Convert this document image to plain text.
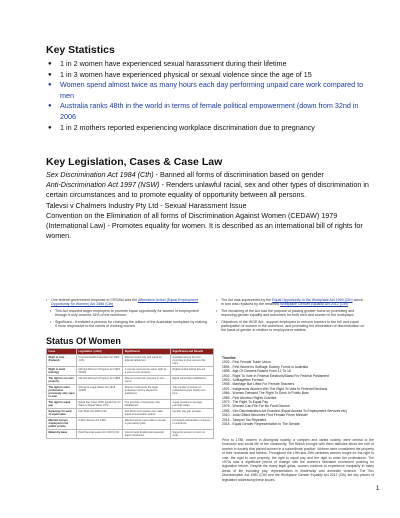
Key Statistics
● 1 in 2 women have experienced sexual harassment during their lifetime
● 1 in 3 women have experienced physical or sexual violence since the age of 15
● Women spend almost twice as many hours each day performing unpaid care work compared to men
● Australia ranks 48th in the world in terms of female political empowerment (down from 32nd in 2006
● 1 in 2 mothers reported experiencing workplace discrimination due to pregnancy
Key Legislation, Cases & Case Law

Sex Discrimination Act 1984 (Cth) - Banned all forms of discrimination based on gender

Anti-Discrimination Act 1997 (NSW) - Renders unlawful racial, sex and other types of discrimination in certain circumstances and to promote equality of opportunity between all persons.

Talevsi v Chalmers Industry Pty Ltd - Sexual Harassment Issue

Convention on the Elimination of all forms of Discrimination Against Women (CEDAW) 1979 (International Law) - Promotes equality for women. It is described as an international bill of rights for women.

• One federal government response to CEDAW was the Affirmative Action (Equal Employment Opportunity for Women) Act 1986 (Cth)

• This Act required larger employers to promote equal opportunity for women in employment through it only covered 15% of the workforce.

• Significant - it enabled a process for changing the culture of the Australian workplace by making it more responsive to the needs of working women.

• The Act was superseded by the Equal Opportunity in the Workplace Act 1999 (Cth) which in turn was replaced by the renamed Workplace Gender Equality Act 2012 (Cth)

• The remaining of the Act had the purpose of placing greater focus on promoting and improving gender equality and outcomes for both men and women in the workplace.

• Objectives of the WGE Act - support employers to remove barriers to the full and equal participation of women in the workforce, and promoting the elimination of discrimination on the basis of gender in relation to employment matters.

Status Of Women
Issue	Legislation / policy	Significance	Significance and Results
Right to vote (Federal)	Commonwealth Franchise Act 1902 (Cth)	Women could vote and stand for federal parliament.	Australia among the first countries to give women this right.
Right to work (mining)	Married Women's Property Act 1901 (NSW)	A woman now has the same right as a man to own property.	Rights limited before this act.
The right to run own property	Married Women's Property Act 1893	Women could own property in own name.	Equal ownership established.
The right to enter professions previously only open to men	Women's Legal Status Act 1918 (NSW)	Women could enter the legal profession and be elected to parliament.	The number of women in professions grew slowly over time.
The right to equal pay	Equal Pay Case 1969; Equal Pay for Work of Equal Value 1972	The principle of equal pay was established.	A gap remains in average earnings today.
Equal pay for work of equal value	Fair Work Act 2009 (Cth)	Fair Work Commission can make equal remuneration orders.	Gender pay gap persists.
Married women employed in the public service	Public Service Act 1966	Married women were able to remain in permanent jobs.	Increased participation of women in workforce.
Maternity leave	Paid Parental Leave Act 2010 (Cth)	Government-funded paid parental leave introduced.	Supports women to return to work.
Timeline
1902 - First Female Trade Union
1894 - First Women's Suffrage Society Forms in Australia
1895 - Age Of Consent Raised From 12 To 16
1902 - Right To Vote In Federal Elections/Stand For Federal Parliament
1903 - Suffragettes Formed
1908 - Marriage Bar Lifted For Female Teachers
1921 - Indigenous Women Win The Right To Vote In Federal Elections
1966 - Women Demand The Right To Drink In Public Bars
1969 - First Abortion Rights Granted
1972 - The Right To Equal Pay
1975 - Women Can File For No Fault Divorce
1984 - Sex Discrimination Act Enacted (Equal Access To Employment Services etc)
2010 - Julia Gillard Becomes First Female Prime Minister
2014 - Tampon Tax Repealed
2018 - Equal Gender Representation In The Senate
Prior to 1788, women in Aboriginal society, a complex and varied society, were central to the economic and social life of the community. The British brought with them attitudes about the role of women in society that placed women in a subordinate position. Women were considered the property of their husbands and fathers. Throughout the 19th and 20th centuries women fought for the right to vote, the right to own property, the right to equal pay and the right to enter the professions. The 1970s saw a significant period of change with the women's liberation movement pushing for legislative reform. Despite the many legal gains, women continue to experience inequality in many areas of life including pay, representation in leadership and domestic violence. The Sex Discrimination Act 1984 (Cth) and the Workplace Gender Equality Act 2012 (Cth) are key pieces of legislation addressing these issues.
1
